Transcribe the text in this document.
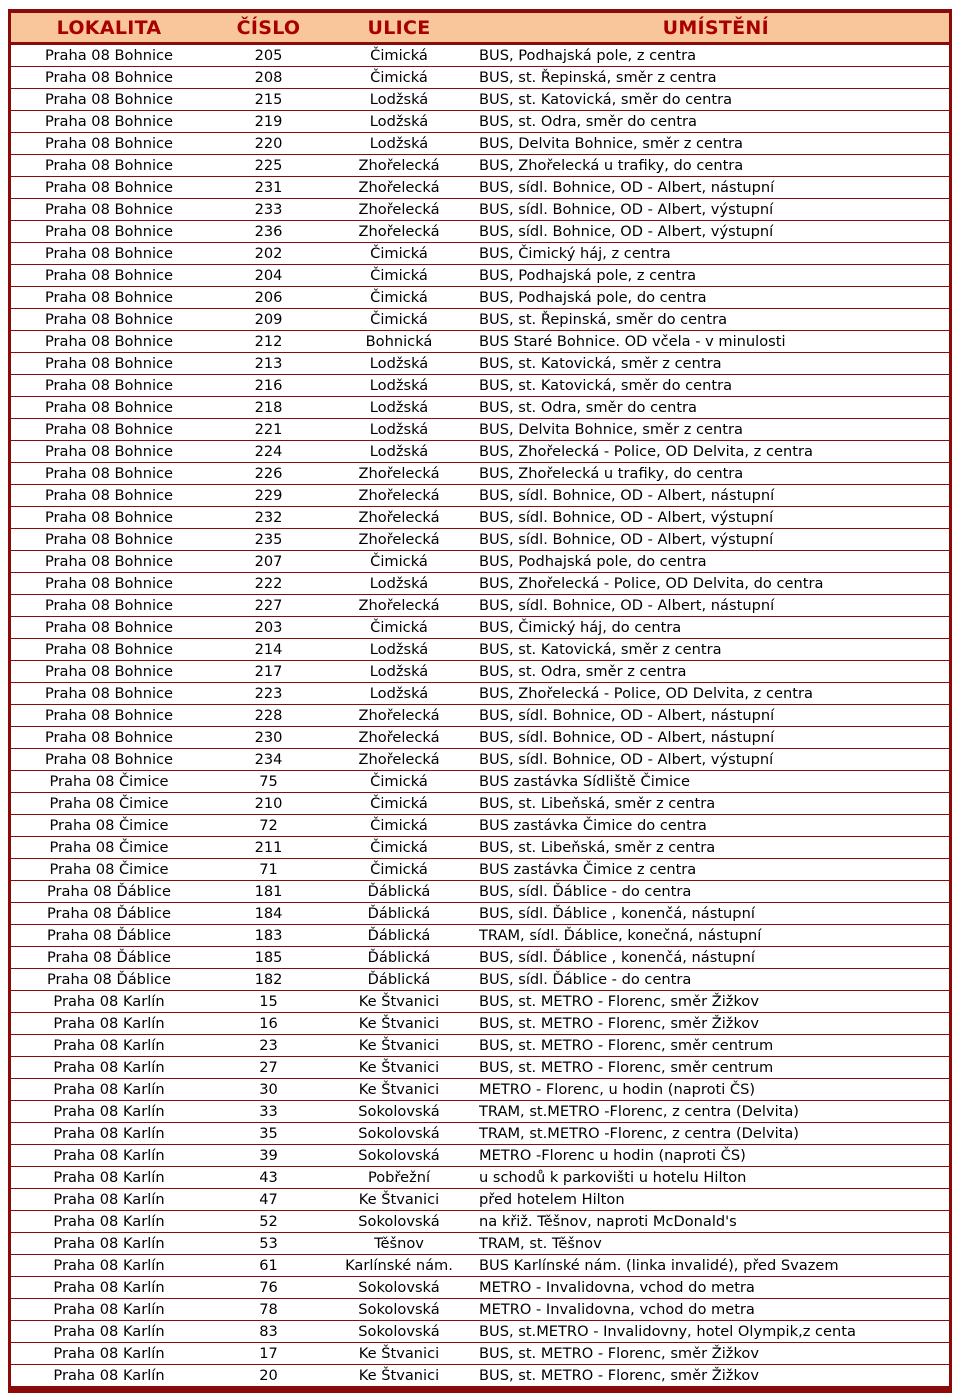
LOKALITA	ČÍSLO	ULICE	UMÍSTĚNÍ
Praha 08 Bohnice	205	Čimická	BUS, Podhajská pole, z centra
Praha 08 Bohnice	208	Čimická	BUS, st. Řepinská, směr z centra
Praha 08 Bohnice	215	Lodžská	BUS, st. Katovická, směr do centra
Praha 08 Bohnice	219	Lodžská	BUS, st. Odra, směr do centra
Praha 08 Bohnice	220	Lodžská	BUS, Delvita Bohnice, směr z centra
Praha 08 Bohnice	225	Zhořelecká	BUS, Zhořelecká u trafiky, do centra
Praha 08 Bohnice	231	Zhořelecká	BUS, sídl. Bohnice, OD - Albert, nástupní
Praha 08 Bohnice	233	Zhořelecká	BUS, sídl. Bohnice, OD - Albert, výstupní
Praha 08 Bohnice	236	Zhořelecká	BUS, sídl. Bohnice, OD - Albert, výstupní
Praha 08 Bohnice	202	Čimická	BUS, Čimický háj, z centra
Praha 08 Bohnice	204	Čimická	BUS, Podhajská pole, z centra
Praha 08 Bohnice	206	Čimická	BUS, Podhajská pole, do centra
Praha 08 Bohnice	209	Čimická	BUS, st. Řepinská, směr do centra
Praha 08 Bohnice	212	Bohnická	BUS Staré Bohnice. OD včela - v minulosti
Praha 08 Bohnice	213	Lodžská	BUS, st. Katovická, směr z centra
Praha 08 Bohnice	216	Lodžská	BUS, st. Katovická, směr do centra
Praha 08 Bohnice	218	Lodžská	BUS, st. Odra, směr do centra
Praha 08 Bohnice	221	Lodžská	BUS, Delvita Bohnice, směr z centra
Praha 08 Bohnice	224	Lodžská	BUS, Zhořelecká - Police, OD Delvita, z centra
Praha 08 Bohnice	226	Zhořelecká	BUS, Zhořelecká u trafiky, do centra
Praha 08 Bohnice	229	Zhořelecká	BUS, sídl. Bohnice, OD - Albert, nástupní
Praha 08 Bohnice	232	Zhořelecká	BUS, sídl. Bohnice, OD - Albert, výstupní
Praha 08 Bohnice	235	Zhořelecká	BUS, sídl. Bohnice, OD - Albert, výstupní
Praha 08 Bohnice	207	Čimická	BUS, Podhajská pole, do centra
Praha 08 Bohnice	222	Lodžská	BUS, Zhořelecká - Police, OD Delvita, do centra
Praha 08 Bohnice	227	Zhořelecká	BUS, sídl. Bohnice, OD - Albert, nástupní
Praha 08 Bohnice	203	Čimická	BUS, Čimický háj, do centra
Praha 08 Bohnice	214	Lodžská	BUS, st. Katovická, směr z centra
Praha 08 Bohnice	217	Lodžská	BUS, st. Odra, směr z centra
Praha 08 Bohnice	223	Lodžská	BUS, Zhořelecká - Police, OD Delvita, z centra
Praha 08 Bohnice	228	Zhořelecká	BUS, sídl. Bohnice, OD - Albert, nástupní
Praha 08 Bohnice	230	Zhořelecká	BUS, sídl. Bohnice, OD - Albert, nástupní
Praha 08 Bohnice	234	Zhořelecká	BUS, sídl. Bohnice, OD - Albert, výstupní
Praha 08 Čimice	75	Čimická	BUS zastávka Sídliště Čimice
Praha 08 Čimice	210	Čimická	BUS, st. Libeňská, směr z centra
Praha 08 Čimice	72	Čimická	BUS zastávka Čimice do centra
Praha 08 Čimice	211	Čimická	BUS, st. Libeňská, směr z centra
Praha 08 Čimice	71	Čimická	BUS zastávka Čimice z centra
Praha 08 Ďáblice	181	Ďáblická	BUS, sídl. Ďáblice - do centra
Praha 08 Ďáblice	184	Ďáblická	BUS, sídl. Ďáblice , konenčá, nástupní
Praha 08 Ďáblice	183	Ďáblická	TRAM, sídl. Ďáblice, konečná, nástupní
Praha 08 Ďáblice	185	Ďáblická	BUS, sídl. Ďáblice , konenčá, nástupní
Praha 08 Ďáblice	182	Ďáblická	BUS, sídl. Ďáblice - do centra
Praha 08 Karlín	15	Ke Štvanici	BUS, st. METRO - Florenc, směr Žižkov
Praha 08 Karlín	16	Ke Štvanici	BUS, st. METRO - Florenc, směr Žižkov
Praha 08 Karlín	23	Ke Štvanici	BUS, st. METRO - Florenc, směr centrum
Praha 08 Karlín	27	Ke Štvanici	BUS, st. METRO - Florenc, směr centrum
Praha 08 Karlín	30	Ke Štvanici	METRO - Florenc, u hodin (naproti ČS)
Praha 08 Karlín	33	Sokolovská	TRAM, st.METRO -Florenc, z centra (Delvita)
Praha 08 Karlín	35	Sokolovská	TRAM, st.METRO -Florenc, z centra (Delvita)
Praha 08 Karlín	39	Sokolovská	METRO -Florenc u hodin (naproti ČS)
Praha 08 Karlín	43	Pobřežní	u schodů k parkovišti u hotelu Hilton
Praha 08 Karlín	47	Ke Štvanici	před hotelem Hilton
Praha 08 Karlín	52	Sokolovská	na křiž. Těšnov, naproti McDonald's
Praha 08 Karlín	53	Těšnov	TRAM, st. Těšnov
Praha 08 Karlín	61	Karlínské nám.	BUS Karlínské nám. (linka invalidé), před Svazem
Praha 08 Karlín	76	Sokolovská	METRO - Invalidovna, vchod do metra
Praha 08 Karlín	78	Sokolovská	METRO - Invalidovna, vchod do metra
Praha 08 Karlín	83	Sokolovská	BUS, st.METRO - Invalidovny, hotel Olympik,z centa
Praha 08 Karlín	17	Ke Štvanici	BUS, st. METRO - Florenc, směr Žižkov
Praha 08 Karlín	20	Ke Štvanici	BUS, st. METRO - Florenc, směr Žižkov
